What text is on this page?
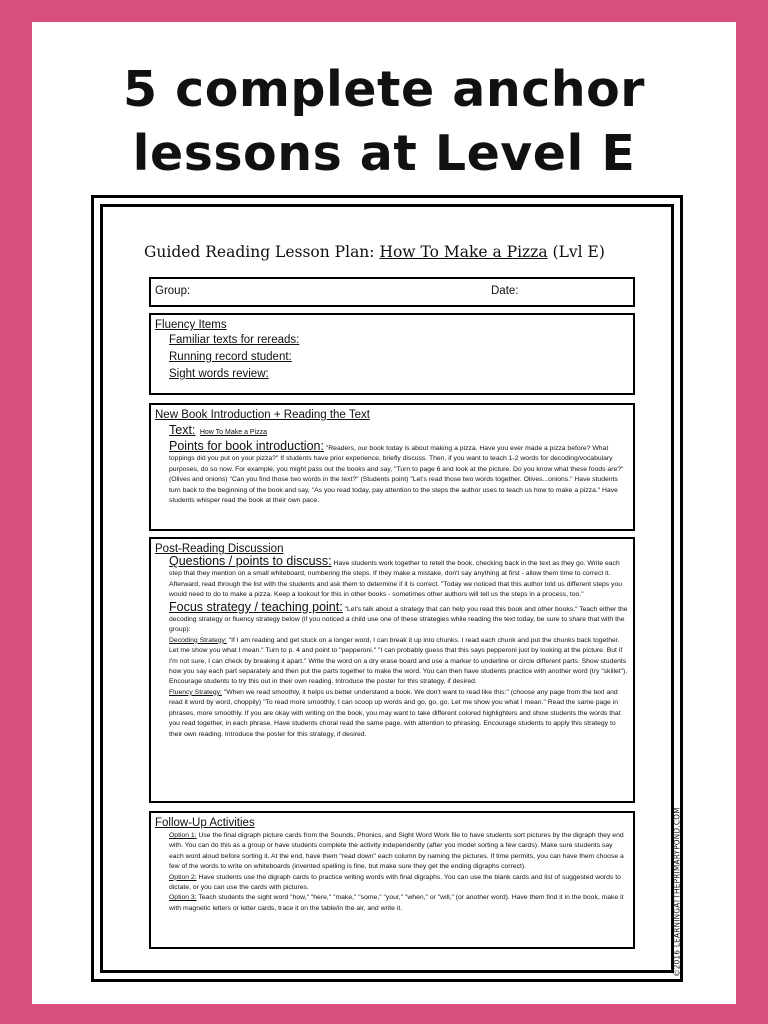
5 complete anchor
lessons at Level E
Guided Reading Lesson Plan: How To Make a Pizza (Lvl E)
Group:	Date:
Fluency Items
Familiar texts for rereads:
Running record student:
Sight words review:
New Book Introduction + Reading the Text
Text: How To Make a Pizza

Points for book introduction: "Readers, our book today is about making a pizza. Have you ever made a pizza before? What toppings did you put on your pizza?" If students have prior experience, briefly discuss. Then, if you want to teach 1-2 words for decoding/vocabulary purposes, do so now. For example, you might pass out the books and say, "Turn to page 6 and look at the picture. Do you know what these foods are?" (Olives and onions) "Can you find those two words in the text?" (Students point) "Let's read those two words together. Olives...onions." Have students turn back to the beginning of the book and say, "As you read today, pay attention to the steps the author uses to teach us how to make a pizza." Have students whisper read the book at their own pace.

Post-Reading Discussion

Questions / points to discuss: Have students work together to retell the book, checking back in the text as they go. Write each step that they mention on a small whiteboard, numbering the steps. If they make a mistake, don't say anything at first - allow them time to correct it. Afterward, read through the list with the students and ask them to determine if it is correct. "Today we noticed that this author told us different steps you would need to do to make a pizza. Keep a lookout for this in other books - sometimes other authors will tell us the steps in a process, too."

Focus strategy / teaching point: "Let's talk about a strategy that can help you read this book and other books." Teach either the decoding strategy or fluency strategy below (if you noticed a child use one of these strategies while reading the text today, be sure to share that with the group):

Decoding Strategy: "If I am reading and get stuck on a longer word, I can break it up into chunks. I read each chunk and put the chunks back together. Let me show you what I mean." Turn to p. 4 and point to "pepperoni." "I can probably guess that this says pepperoni just by looking at the picture. But if I'm not sure, I can check by breaking it apart." Write the word on a dry erase board and use a marker to underline or circle different parts. Show students how you say each part separately and then put the parts together to make the word. You can then have students practice with another word (try "skillet"). Encourage students to try this out in their own reading. Introduce the poster for this strategy, if desired.

Fluency Strategy: "When we read smoothly, it helps us better understand a book. We don't want to read like this:" (choose any page from the text and read it word by word, choppily) "To read more smoothly, I can scoop up words and go, go, go. Let me show you what I mean." Read the same page in phrases, more smoothly. If you are okay with writing on the book, you may want to take different colored highlighters and show students the words that you read together, in each phrase. Have students choral read the same page, with attention to phrasing. Encourage students to apply this strategy to their own reading. Introduce the poster for this strategy, if desired.

Follow-Up Activities

Option 1: Use the final digraph picture cards from the Sounds, Phonics, and Sight Word Work file to have students sort pictures by the digraph they end with. You can do this as a group or have students complete the activity independently (after you model sorting a few cards). Make sure students say each word aloud before sorting it. At the end, have them "read down" each column by naming the pictures. If time permits, you can have them choose a few of the words to write on whiteboards (invented spelling is fine, but make sure they get the ending digraphs correct).

Option 2: Have students use the digraph cards to practice writing words with final digraphs. You can use the blank cards and list of suggested words to dictate, or you can use the cards with pictures.

Option 3: Teach students the sight word "how," "here," "make," "some," "your," "when," or "will," (or another word). Have them find it in the book, make it with magnetic letters or letter cards, trace it on the table/in the air, and write it.	©2016 LEARNINGATTHEPRIMARYPOND.COM
